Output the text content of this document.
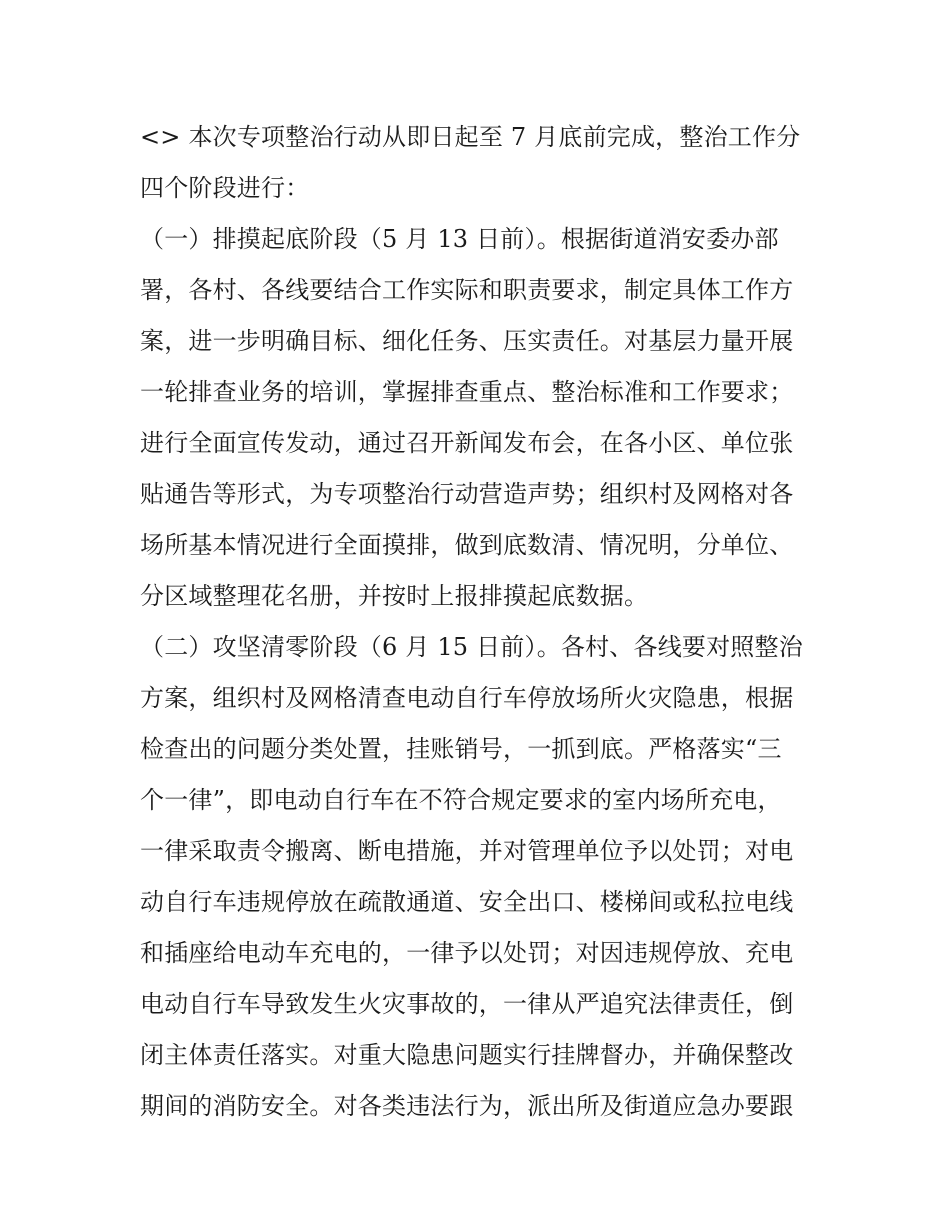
<> 本次专项整治行动从即日起至 7 月底前完成，整治工作分
四个阶段进行：
（一）排摸起底阶段（5 月 13 日前）。根据街道消安委办部
署，各村、各线要结合工作实际和职责要求，制定具体工作方
案，进一步明确目标、细化任务、压实责任。对基层力量开展
一轮排查业务的培训，掌握排查重点、整治标准和工作要求；
进行全面宣传发动，通过召开新闻发布会，在各小区、单位张
贴通告等形式，为专项整治行动营造声势；组织村及网格对各
场所基本情况进行全面摸排，做到底数清、情况明，分单位、
分区域整理花名册，并按时上报排摸起底数据。
（二）攻坚清零阶段（6 月 15 日前）。各村、各线要对照整治
方案，组织村及网格清查电动自行车停放场所火灾隐患，根据
检查出的问题分类处置，挂账销号，一抓到底。严格落实“三
个一律”，即电动自行车在不符合规定要求的室内场所充电，
一律采取责令搬离、断电措施，并对管理单位予以处罚；对电
动自行车违规停放在疏散通道、安全出口、楼梯间或私拉电线
和插座给电动车充电的，一律予以处罚；对因违规停放、充电
电动自行车导致发生火灾事故的，一律从严追究法律责任，倒
闭主体责任落实。对重大隐患问题实行挂牌督办，并确保整改
期间的消防安全。对各类违法行为，派出所及街道应急办要跟
